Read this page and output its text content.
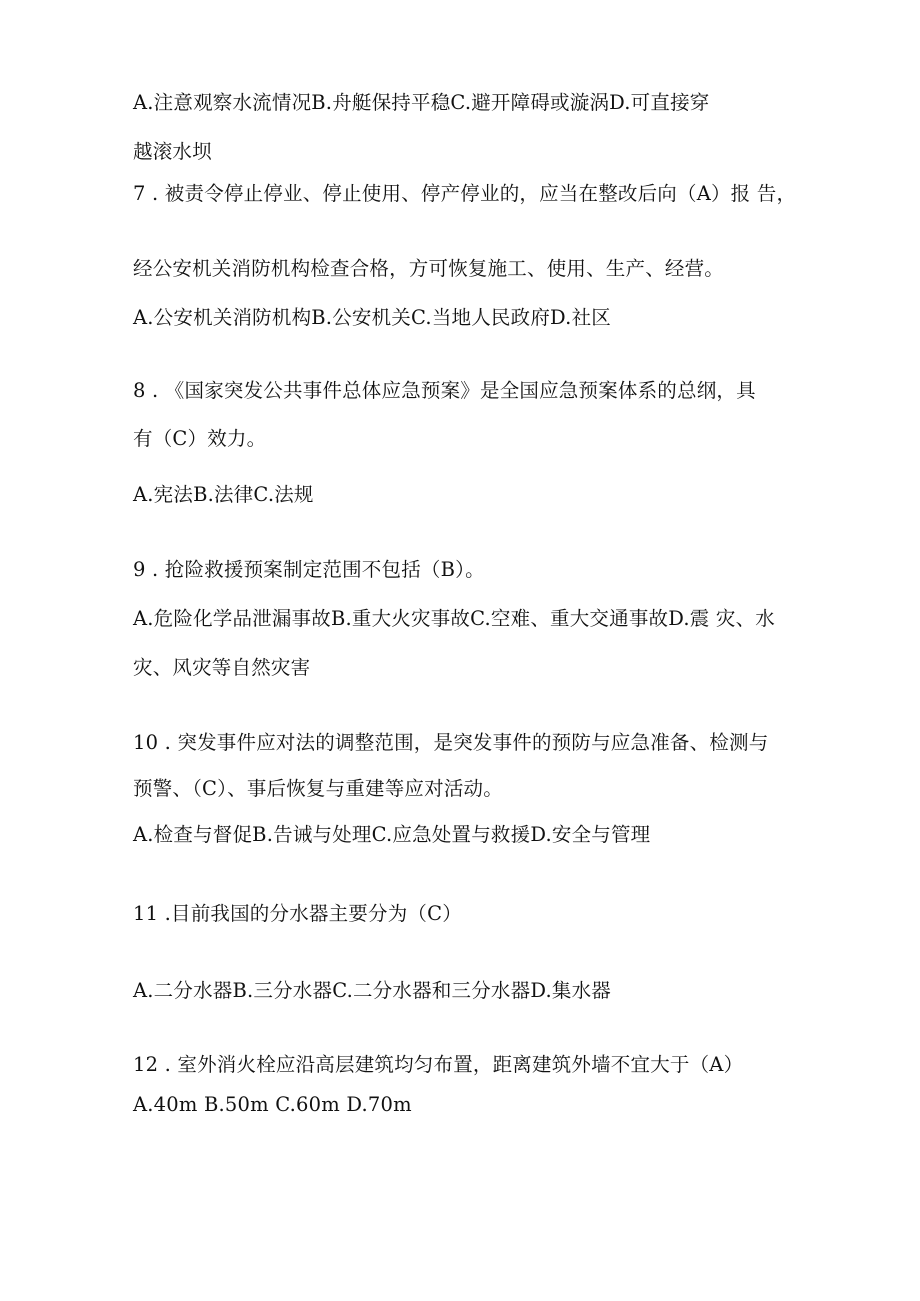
A.注意观察水流情况B.舟艇保持平稳C.避开障碍或漩涡D.可直接穿
越滚水坝
7 . 被责令停止停业、停止使用、停产停业的，应当在整改后向（A）报 告，
经公安机关消防机构检查合格，方可恢复施工、使用、生产、经营。
A.公安机关消防机构B.公安机关C.当地人民政府D.社区
8 . 《国家突发公共事件总体应急预案》是全国应急预案体系的总纲，具
有（C）效力。
A.宪法B.法律C.法规
9 . 抢险救援预案制定范围不包括（B）。
A.危险化学品泄漏事故B.重大火灾事故C.空难、重大交通事故D.震 灾、水
灾、风灾等自然灾害
10 . 突发事件应对法的调整范围，是突发事件的预防与应急准备、检测与
预警、（C）、事后恢复与重建等应对活动。
A.检查与督促B.告诫与处理C.应急处置与救援D.安全与管理
11 .目前我国的分水器主要分为（C）
A.二分水器B.三分水器C.二分水器和三分水器D.集水器
12 . 室外消火栓应沿高层建筑均匀布置，距离建筑外墙不宜大于（A）
A.40m B.50m C.60m D.70m
